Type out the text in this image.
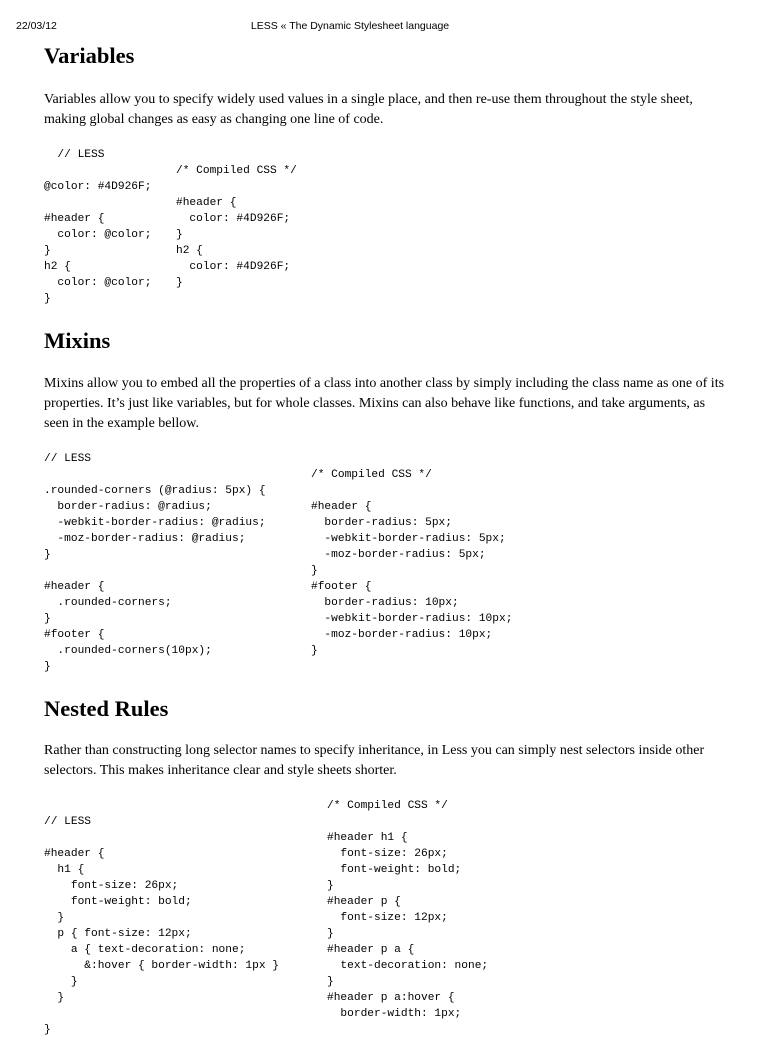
22/03/12	LESS « The Dynamic Stylesheet language
Variables

Variables allow you to specify widely used values in a single place, and then re-use them throughout the style sheet, making global changes as easy as changing one line of code.

// LESS

@color: #4D926F;

#header {
color: @color;
}
h2 {
color: @color;
}
/* Compiled CSS */

#header {
color: #4D926F;
}
h2 {
color: #4D926F;
}
Mixins

Mixins allow you to embed all the properties of a class into another class by simply including the class name as one of its properties. It’s just like variables, but for whole classes. Mixins can also behave like functions, and take arguments, as seen in the example bellow.

// LESS

.rounded-corners (@radius: 5px) {
border-radius: @radius;
-webkit-border-radius: @radius;
-moz-border-radius: @radius;
}

#header {
.rounded-corners;
}
#footer {
.rounded-corners(10px);
}
/* Compiled CSS */

#header {
border-radius: 5px;
-webkit-border-radius: 5px;
-moz-border-radius: 5px;
}
#footer {
border-radius: 10px;
-webkit-border-radius: 10px;
-moz-border-radius: 10px;
}
Nested Rules

Rather than constructing long selector names to specify inheritance, in Less you can simply nest selectors inside other selectors. This makes inheritance clear and style sheets shorter.

// LESS

#header {
h1 {
font-size: 26px;
font-weight: bold;
}
p { font-size: 12px;
a { text-decoration: none;
&:hover { border-width: 1px }
}
}

}
/* Compiled CSS */

#header h1 {
font-size: 26px;
font-weight: bold;
}
#header p {
font-size: 12px;
}
#header p a {
text-decoration: none;
}
#header p a:hover {
border-width: 1px;
